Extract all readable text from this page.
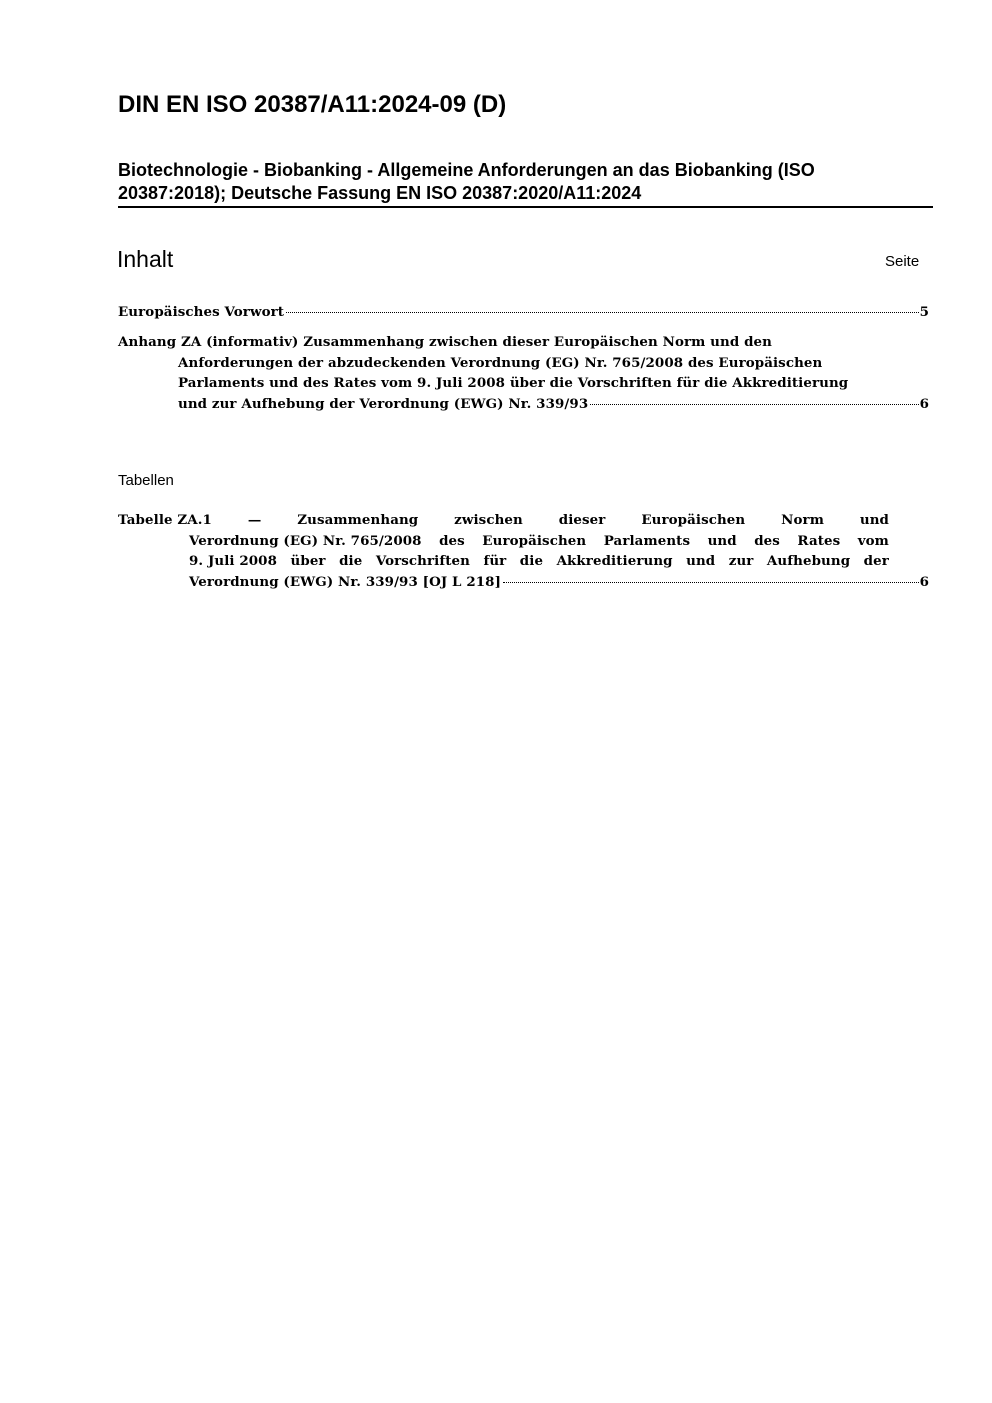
DIN EN ISO 20387/A11:2024-09 (D)
Biotechnologie - Biobanking - Allgemeine Anforderungen an das Biobanking (ISO
20387:2018); Deutsche Fassung EN ISO 20387:2020/A11:2024
Inhalt	Seite
Europäisches Vorwort	5
Anhang ZA (informativ) Zusammenhang zwischen dieser Europäischen Norm und den
Anforderungen der abzudeckenden Verordnung (EG) Nr. 765/2008 des Europäischen
Parlaments und des Rates vom 9. Juli 2008 über die Vorschriften für die Akkreditierung
und zur Aufhebung der Verordnung (EWG) Nr. 339/93	6
Tabellen
Tabelle ZA.1	—	Zusammenhang	zwischen	dieser	Europäischen	Norm	und
Verordnung (EG) Nr. 765/2008 des Europäischen Parlaments und des Rates vom
9. Juli 2008 über die Vorschriften für die Akkreditierung und zur Aufhebung der
Verordnung (EWG) Nr. 339/93 [OJ L 218]	6
